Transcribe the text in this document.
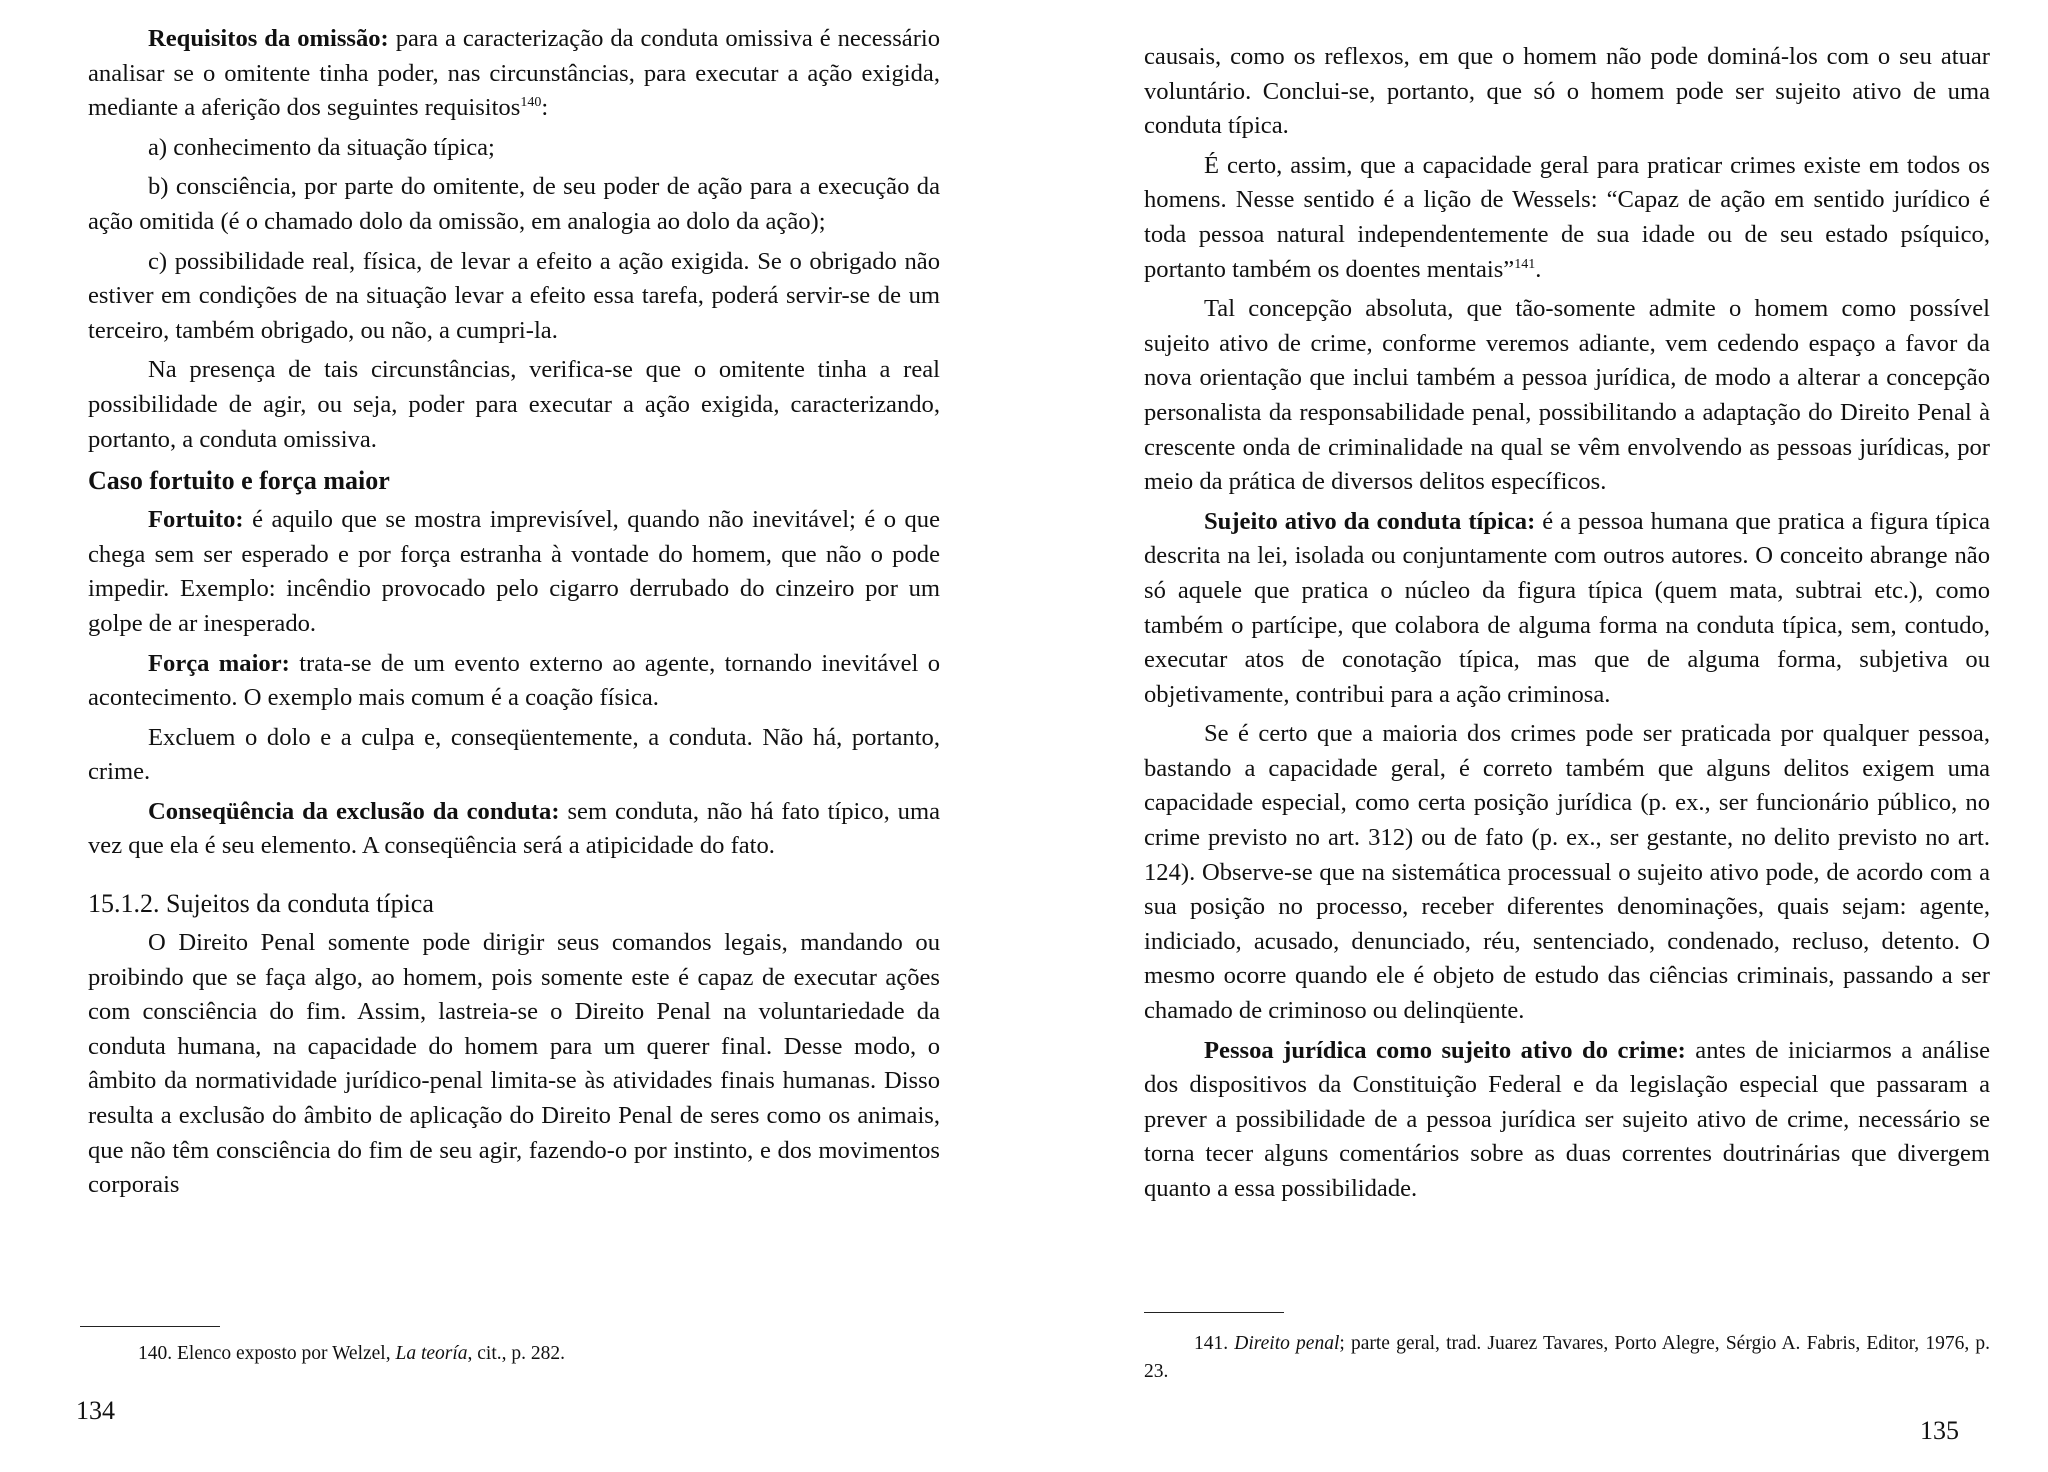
Requisitos da omissão: para a caracterização da conduta omissiva é necessário analisar se o omitente tinha poder, nas circunstâncias, para executar a ação exigida, mediante a aferição dos seguintes requisitos$^{140}$:

a) conhecimento da situação típica;

b) consciência, por parte do omitente, de seu poder de ação para a execução da ação omitida (é o chamado dolo da omissão, em analogia ao dolo da ação);

c) possibilidade real, física, de levar a efeito a ação exigida. Se o obrigado não estiver em condições de na situação levar a efeito essa tarefa, poderá servir-se de um terceiro, também obrigado, ou não, a cumpri-la.

Na presença de tais circunstâncias, verifica-se que o omitente tinha a real possibilidade de agir, ou seja, poder para executar a ação exigida, caracterizando, portanto, a conduta omissiva.

Caso fortuito e força maior

Fortuito: é aquilo que se mostra imprevisível, quando não inevitável; é o que chega sem ser esperado e por força estranha à vontade do homem, que não o pode impedir. Exemplo: incêndio provocado pelo cigarro derrubado do cinzeiro por um golpe de ar inesperado.

Força maior: trata-se de um evento externo ao agente, tornando inevitável o acontecimento. O exemplo mais comum é a coação física.

Excluem o dolo e a culpa e, conseqüentemente, a conduta. Não há, portanto, crime.

Conseqüência da exclusão da conduta: sem conduta, não há fato típico, uma vez que ela é seu elemento. A conseqüência será a atipicidade do fato.

15.1.2. Sujeitos da conduta típica

O Direito Penal somente pode dirigir seus comandos legais, mandando ou proibindo que se faça algo, ao homem, pois somente este é capaz de executar ações com consciência do fim. Assim, lastreia-se o Direito Penal na voluntariedade da conduta humana, na capacidade do homem para um querer final. Desse modo, o âmbito da normatividade jurídico-penal limita-se às atividades finais humanas. Disso resulta a exclusão do âmbito de aplicação do Direito Penal de seres como os animais, que não têm consciência do fim de seu agir, fazendo-o por instinto, e dos movimentos corporais

140. Elenco exposto por Welzel, La teoría, cit., p. 282.
134

causais, como os reflexos, em que o homem não pode dominá-los com o seu atuar voluntário. Conclui-se, portanto, que só o homem pode ser sujeito ativo de uma conduta típica.

É certo, assim, que a capacidade geral para praticar crimes existe em todos os homens. Nesse sentido é a lição de Wessels: “Capaz de ação em sentido jurídico é toda pessoa natural independentemente de sua idade ou de seu estado psíquico, portanto também os doentes mentais”$^{141}$.

Tal concepção absoluta, que tão-somente admite o homem como possível sujeito ativo de crime, conforme veremos adiante, vem cedendo espaço a favor da nova orientação que inclui também a pessoa jurídica, de modo a alterar a concepção personalista da responsabilidade penal, possibilitando a adaptação do Direito Penal à crescente onda de criminalidade na qual se vêm envolvendo as pessoas jurídicas, por meio da prática de diversos delitos específicos.

Sujeito ativo da conduta típica: é a pessoa humana que pratica a figura típica descrita na lei, isolada ou conjuntamente com outros autores. O conceito abrange não só aquele que pratica o núcleo da figura típica (quem mata, subtrai etc.), como também o partícipe, que colabora de alguma forma na conduta típica, sem, contudo, executar atos de conotação típica, mas que de alguma forma, subjetiva ou objetivamente, contribui para a ação criminosa.

Se é certo que a maioria dos crimes pode ser praticada por qualquer pessoa, bastando a capacidade geral, é correto também que alguns delitos exigem uma capacidade especial, como certa posição jurídica (p. ex., ser funcionário público, no crime previsto no art. 312) ou de fato (p. ex., ser gestante, no delito previsto no art. 124). Observe-se que na sistemática processual o sujeito ativo pode, de acordo com a sua posição no processo, receber diferentes denominações, quais sejam: agente, indiciado, acusado, denunciado, réu, sentenciado, condenado, recluso, detento. O mesmo ocorre quando ele é objeto de estudo das ciências criminais, passando a ser chamado de criminoso ou delinqüente.

Pessoa jurídica como sujeito ativo do crime: antes de iniciarmos a análise dos dispositivos da Constituição Federal e da legislação especial que passaram a prever a possibilidade de a pessoa jurídica ser sujeito ativo de crime, necessário se torna tecer alguns comentários sobre as duas correntes doutrinárias que divergem quanto a essa possibilidade.

141. Direito penal; parte geral, trad. Juarez Tavares, Porto Alegre, Sérgio A. Fabris, Editor, 1976, p. 23.
135
